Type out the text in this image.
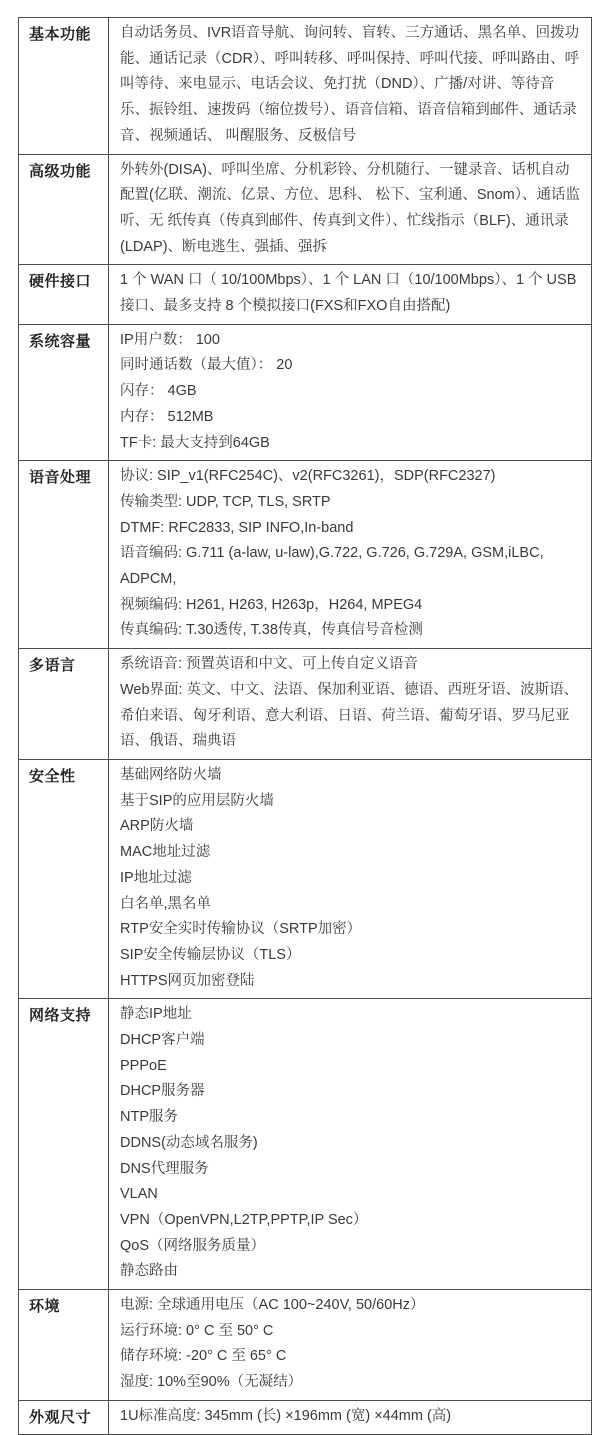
基本功能	自动话务员、IVR语音导航、询问转、盲转、三方通话、黑名单、回拨功能、通话记录（CDR）、呼叫转移、呼叫保持、呼叫代接、呼叫路由、呼叫等待、来电显示、电话会议、免打扰（DND）、广播/对讲、等待音乐、振铃组、速拨码（缩位拨号）、语音信箱、语音信箱到邮件、通话录音、视频通话、 叫醒服务、反极信号

高级功能	外转外(DISA)、呼叫坐席、分机彩铃、分机随行、一键录音、话机自动配置(亿联、潮流、亿景、方位、思科、 松下、宝利通、Snom）、通话监听、无 纸传真（传真到邮件、传真到文件）、忙线指示（BLF)、通讯录(LDAP)、断电逃生、强插、强拆

硬件接口	1 个 WAN 口（ 10/100Mbps）、1 个 LAN 口（10/100Mbps）、1 个 USB 接口、最多支持 8 个模拟接口(FXS和FXO自由搭配)

系统容量	IP用户数： 100
同时通话数（最大值）： 20
闪存： 4GB
内存： 512MB
TF卡: 最大支持到64GB

语音处理	协议: SIP_v1(RFC254C)、v2(RFC3261)，SDP(RFC2327)
传输类型: UDP, TCP, TLS, SRTP
DTMF: RFC2833, SIP INFO,In-band
语音编码: G.711 (a-law, u-law),G.722, G.726, G.729A, GSM,iLBC, ADPCM,
视频编码: H261, H263, H263p，H264, MPEG4
传真编码: T.30透传, T.38传真，传真信号音检测

多语言	系统语音: 预置英语和中文、可上传自定义语音
Web界面: 英文、中文、法语、保加利亚语、德语、西班牙语、波斯语、希伯来语、匈牙利语、意大利语、日语、荷兰语、葡萄牙语、罗马尼亚语、俄语、瑞典语

安全性	基础网络防火墙
基于SIP的应用层防火墙
ARP防火墙
MAC地址过滤
IP地址过滤
白名单,黑名单
RTP安全实时传输协议（SRTP加密）
SIP安全传输层协议（TLS）
HTTPS网页加密登陆

网络支持	静态IP地址
DHCP客户端
PPPoE
DHCP服务器
NTP服务
DDNS(动态域名服务)
DNS代理服务
VLAN
VPN（OpenVPN,L2TP,PPTP,IP Sec）
QoS（网络服务质量）
静态路由

环境	电源: 全球通用电压（AC 100~240V, 50/60Hz）
运行环境: 0° C 至 50° C
储存环境: -20° C 至 65° C
湿度: 10%至90%（无凝结）

外观尺寸	1U标准高度: 345mm (长) ×196mm (宽) ×44mm (高)
